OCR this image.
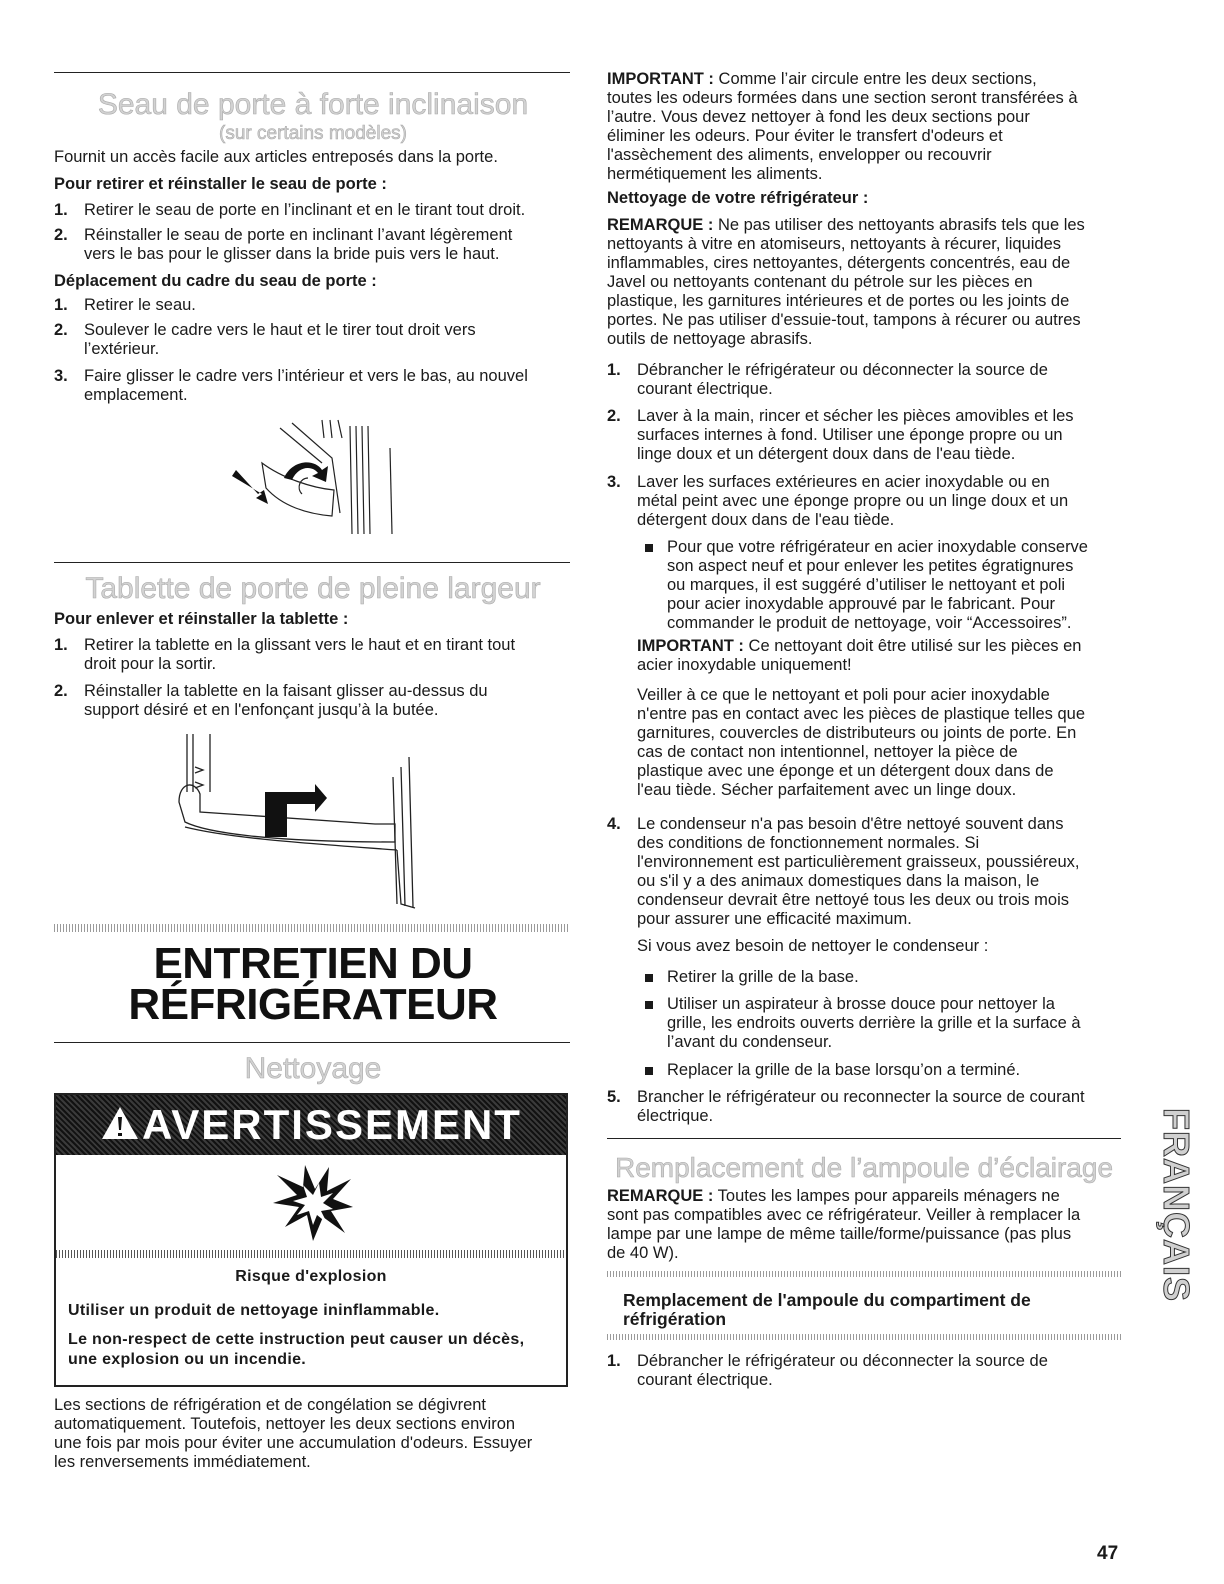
Seau de porte à forte inclinaison
(sur certains modèles)
Fournit un accès facile aux articles entreposés dans la porte.
Pour retirer et réinstaller le seau de porte :
1. Retirer le seau de porte en l’inclinant et en le tirant tout droit.
2. Réinstaller le seau de porte en inclinant l’avant légèrement
vers le bas pour le glisser dans la bride puis vers le haut.
Déplacement du cadre du seau de porte :
1. Retirer le seau.
2. Soulever le cadre vers le haut et le tirer tout droit vers
l’extérieur.
3. Faire glisser le cadre vers l’intérieur et vers le bas, au nouvel
emplacement.
Tablette de porte de pleine largeur
Pour enlever et réinstaller la tablette :
1. Retirer la tablette en la glissant vers le haut et en tirant tout
droit pour la sortir.
2. Réinstaller la tablette en la faisant glisser au-dessus du
support désiré et en l'enfonçant jusqu’à la butée.
ENTRETIEN DU
RÉFRIGÉRATEUR
Nettoyage
AVERTISSEMENT
Risque d'explosion
Utiliser un produit de nettoyage ininflammable.
Le non-respect de cette instruction peut causer un décès,
une explosion ou un incendie.
Les sections de réfrigération et de congélation se dégivrent
automatiquement. Toutefois, nettoyer les deux sections environ
une fois par mois pour éviter une accumulation d'odeurs. Essuyer
les renversements immédiatement.
IMPORTANT : Comme l’air circule entre les deux sections,
toutes les odeurs formées dans une section seront transférées à
l’autre. Vous devez nettoyer à fond les deux sections pour
éliminer les odeurs. Pour éviter le transfert d'odeurs et
l'assèchement des aliments, envelopper ou recouvrir
hermétiquement les aliments.
Nettoyage de votre réfrigérateur :
REMARQUE : Ne pas utiliser des nettoyants abrasifs tels que les
nettoyants à vitre en atomiseurs, nettoyants à récurer, liquides
inflammables, cires nettoyantes, détergents concentrés, eau de
Javel ou nettoyants contenant du pétrole sur les pièces en
plastique, les garnitures intérieures et de portes ou les joints de
portes. Ne pas utiliser d'essuie-tout, tampons à récurer ou autres
outils de nettoyage abrasifs.
1. Débrancher le réfrigérateur ou déconnecter la source de
courant électrique.
2. Laver à la main, rincer et sécher les pièces amovibles et les
surfaces internes à fond. Utiliser une éponge propre ou un
linge doux et un détergent doux dans de l'eau tiède.
3. Laver les surfaces extérieures en acier inoxydable ou en
métal peint avec une éponge propre ou un linge doux et un
détergent doux dans de l'eau tiède.
Pour que votre réfrigérateur en acier inoxydable conserve
son aspect neuf et pour enlever les petites égratignures
ou marques, il est suggéré d’utiliser le nettoyant et poli
pour acier inoxydable approuvé par le fabricant. Pour
commander le produit de nettoyage, voir “Accessoires”.
IMPORTANT : Ce nettoyant doit être utilisé sur les pièces en
acier inoxydable uniquement!
Veiller à ce que le nettoyant et poli pour acier inoxydable
n'entre pas en contact avec les pièces de plastique telles que
garnitures, couvercles de distributeurs ou joints de porte. En
cas de contact non intentionnel, nettoyer la pièce de
plastique avec une éponge et un détergent doux dans de
l'eau tiède. Sécher parfaitement avec un linge doux.
4. Le condenseur n'a pas besoin d'être nettoyé souvent dans
des conditions de fonctionnement normales. Si
l'environnement est particulièrement graisseux, poussiéreux,
ou s'il y a des animaux domestiques dans la maison, le
condenseur devrait être nettoyé tous les deux ou trois mois
pour assurer une efficacité maximum.
Si vous avez besoin de nettoyer le condenseur :
Retirer la grille de la base.
Utiliser un aspirateur à brosse douce pour nettoyer la
grille, les endroits ouverts derrière la grille et la surface à
l’avant du condenseur.
Replacer la grille de la base lorsqu’on a terminé.
5. Brancher le réfrigérateur ou reconnecter la source de courant
électrique.
Remplacement de l’ampoule d’éclairage
REMARQUE : Toutes les lampes pour appareils ménagers ne
sont pas compatibles avec ce réfrigérateur. Veiller à remplacer la
lampe par une lampe de même taille/forme/puissance (pas plus
de 40 W).
Remplacement de l'ampoule du compartiment de
réfrigération
1. Débrancher le réfrigérateur ou déconnecter la source de
courant électrique.
FRANÇAIS
47
